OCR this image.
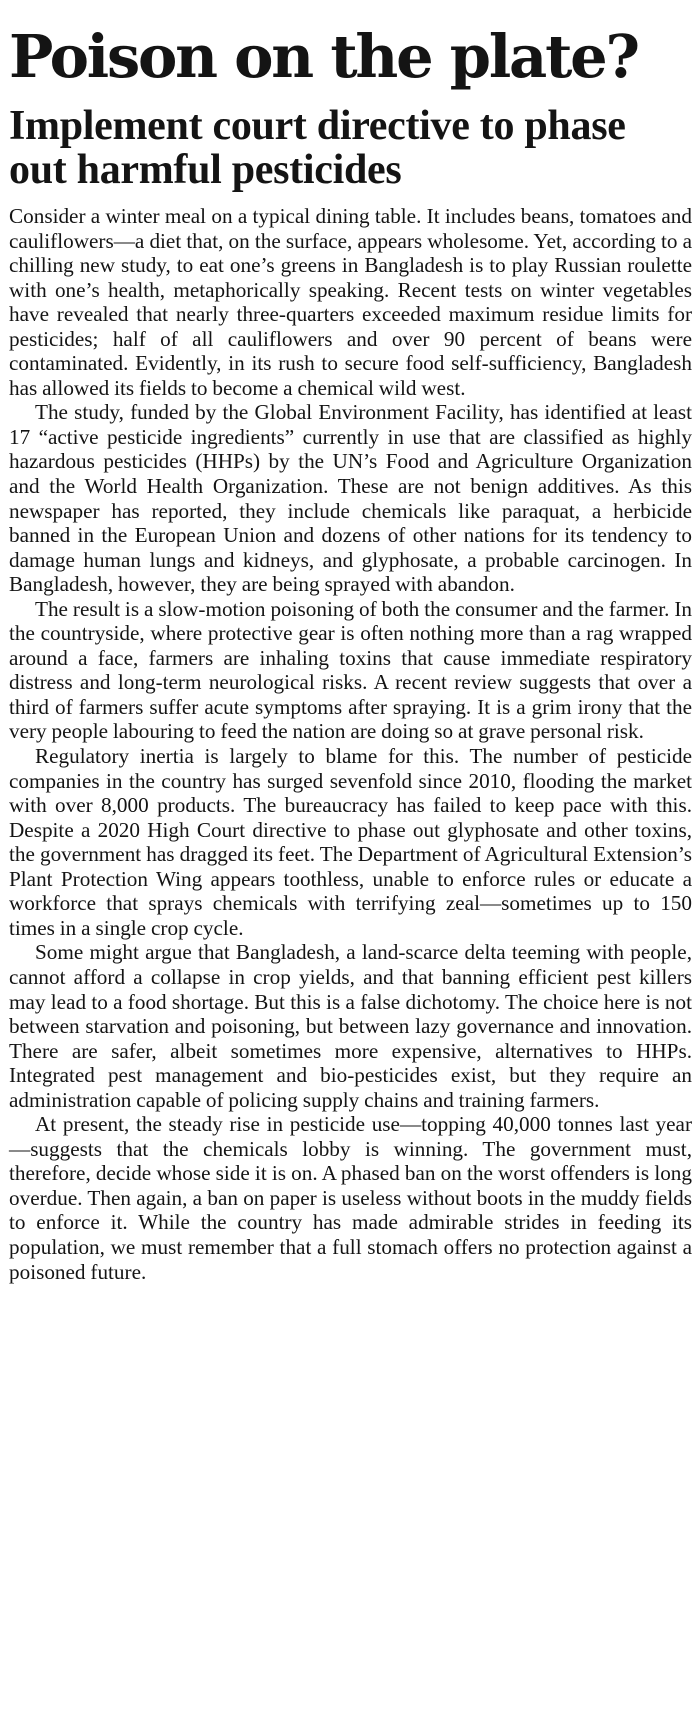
Poison on the plate?
Implement court directive to phase out harmful pesticides

Consider a winter meal on a typical dining table. It includes beans, tomatoes and cauliflowers—a diet that, on the surface, appears wholesome. Yet, according to a chilling new study, to eat one’s greens in Bangladesh is to play Russian roulette with one’s health, metaphorically speaking. Recent tests on winter vegetables have revealed that nearly three-quarters exceeded maximum residue limits for pesticides; half of all cauliflowers and over 90 percent of beans were contaminated. Evidently, in its rush to secure food self-sufficiency, Bangladesh has allowed its fields to become a chemical wild west.

The study, funded by the Global Environment Facility, has identified at least 17 “active pesticide ingredients” currently in use that are classified as highly hazardous pesticides (HHPs) by the UN’s Food and Agriculture Organization and the World Health Organization. These are not benign additives. As this newspaper has reported, they include chemicals like paraquat, a herbicide banned in the European Union and dozens of other nations for its tendency to damage human lungs and kidneys, and glyphosate, a probable carcinogen. In Bangladesh, however, they are being sprayed with abandon.

The result is a slow-motion poisoning of both the consumer and the farmer. In the countryside, where protective gear is often nothing more than a rag wrapped around a face, farmers are inhaling toxins that cause immediate respiratory distress and long-term neurological risks. A recent review suggests that over a third of farmers suffer acute symptoms after spraying. It is a grim irony that the very people labouring to feed the nation are doing so at grave personal risk.

Regulatory inertia is largely to blame for this. The number of pesticide companies in the country has surged sevenfold since 2010, flooding the market with over 8,000 products. The bureaucracy has failed to keep pace with this. Despite a 2020 High Court directive to phase out glyphosate and other toxins, the government has dragged its feet. The Department of Agricultural Extension’s Plant Protection Wing appears toothless, unable to enforce rules or educate a workforce that sprays chemicals with terrifying zeal—sometimes up to 150 times in a single crop cycle.

Some might argue that Bangladesh, a land-scarce delta teeming with people, cannot afford a collapse in crop yields, and that banning efficient pest killers may lead to a food shortage. But this is a false dichotomy. The choice here is not between starvation and poisoning, but between lazy governance and innovation. There are safer, albeit sometimes more expensive, alternatives to HHPs. Integrated pest management and bio-pesticides exist, but they require an administration capable of policing supply chains and training farmers.

At present, the steady rise in pesticide use—topping 40,000 tonnes last year—suggests that the chemicals lobby is winning. The government must, therefore, decide whose side it is on. A phased ban on the worst offenders is long overdue. Then again, a ban on paper is useless without boots in the muddy fields to enforce it. While the country has made admirable strides in feeding its population, we must remember that a full stomach offers no protection against a poisoned future.
